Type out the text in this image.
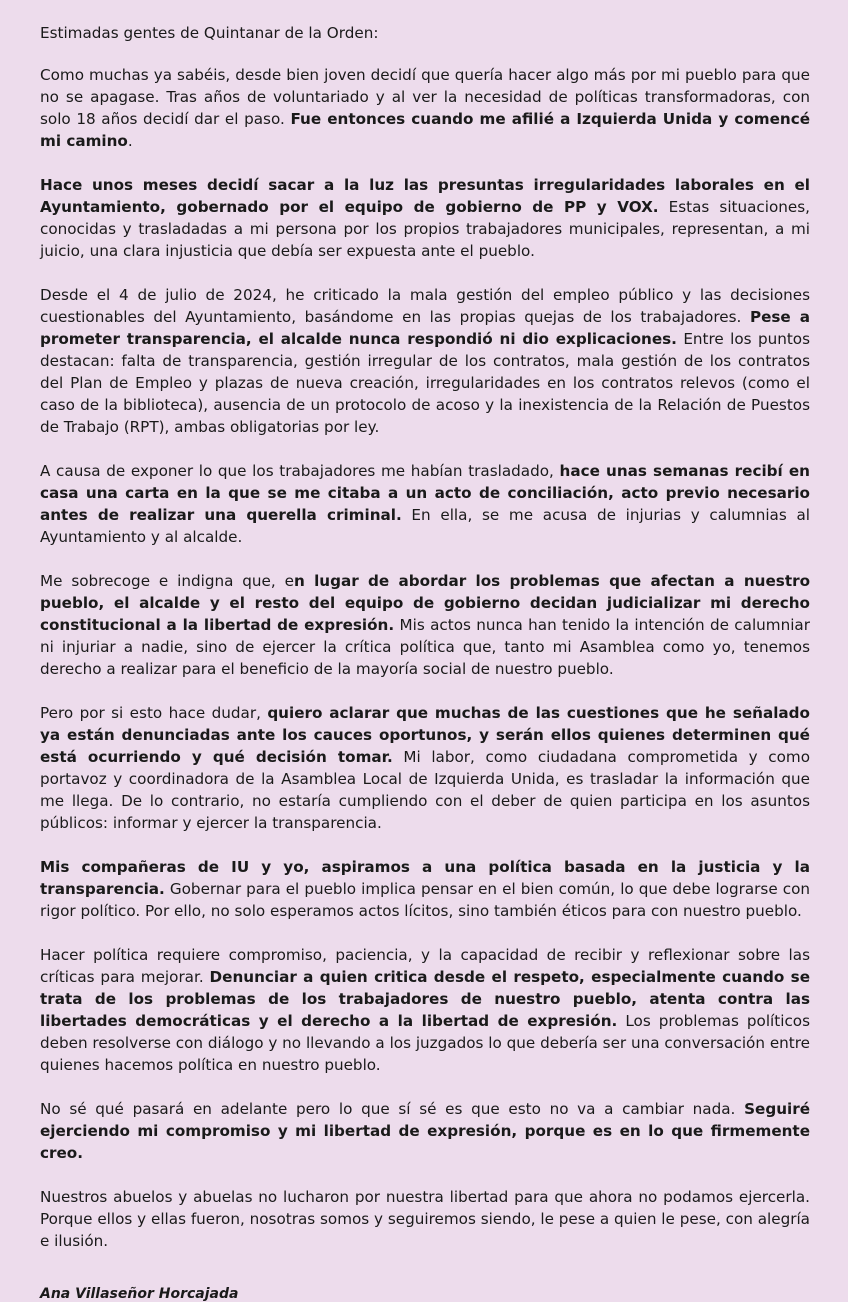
Estimadas gentes de Quintanar de la Orden:

Como muchas ya sabéis, desde bien joven decidí que quería hacer algo más por mi pueblo para que no se apagase. Tras años de voluntariado y al ver la necesidad de políticas transformadoras, con solo 18 años decidí dar el paso. Fue entonces cuando me afilié a Izquierda Unida y comencé mi camino.

Hace unos meses decidí sacar a la luz las presuntas irregularidades laborales en el Ayuntamiento, gobernado por el equipo de gobierno de PP y VOX. Estas situaciones, conocidas y trasladadas a mi persona por los propios trabajadores municipales, representan, a mi juicio, una clara injusticia que debía ser expuesta ante el pueblo.

Desde el 4 de julio de 2024, he criticado la mala gestión del empleo público y las decisiones cuestionables del Ayuntamiento, basándome en las propias quejas de los trabajadores. Pese a prometer transparencia, el alcalde nunca respondió ni dio explicaciones. Entre los puntos destacan: falta de transparencia, gestión irregular de los contratos, mala gestión de los contratos del Plan de Empleo y plazas de nueva creación, irregularidades en los contratos relevos (como el caso de la biblioteca), ausencia de un protocolo de acoso y la inexistencia de la Relación de Puestos de Trabajo (RPT), ambas obligatorias por ley.

A causa de exponer lo que los trabajadores me habían trasladado, hace unas semanas recibí en casa una carta en la que se me citaba a un acto de conciliación, acto previo necesario antes de realizar una querella criminal. En ella, se me acusa de injurias y calumnias al Ayuntamiento y al alcalde.

Me sobrecoge e indigna que, en lugar de abordar los problemas que afectan a nuestro pueblo, el alcalde y el resto del equipo de gobierno decidan judicializar mi derecho constitucional a la libertad de expresión. Mis actos nunca han tenido la intención de calumniar ni injuriar a nadie, sino de ejercer la crítica política que, tanto mi Asamblea como yo, tenemos derecho a realizar para el beneficio de la mayoría social de nuestro pueblo.

Pero por si esto hace dudar, quiero aclarar que muchas de las cuestiones que he señalado ya están denunciadas ante los cauces oportunos, y serán ellos quienes determinen qué está ocurriendo y qué decisión tomar. Mi labor, como ciudadana comprometida y como portavoz y coordinadora de la Asamblea Local de Izquierda Unida, es trasladar la información que me llega. De lo contrario, no estaría cumpliendo con el deber de quien participa en los asuntos públicos: informar y ejercer la transparencia.

Mis compañeras de IU y yo, aspiramos a una política basada en la justicia y la transparencia. Gobernar para el pueblo implica pensar en el bien común, lo que debe lograrse con rigor político. Por ello, no solo esperamos actos lícitos, sino también éticos para con nuestro pueblo.

Hacer política requiere compromiso, paciencia, y la capacidad de recibir y reflexionar sobre las críticas para mejorar. Denunciar a quien critica desde el respeto, especialmente cuando se trata de los problemas de los trabajadores de nuestro pueblo, atenta contra las libertades democráticas y el derecho a la libertad de expresión. Los problemas políticos deben resolverse con diálogo y no llevando a los juzgados lo que debería ser una conversación entre quienes hacemos política en nuestro pueblo.

No sé qué pasará en adelante pero lo que sí sé es que esto no va a cambiar nada. Seguiré ejerciendo mi compromiso y mi libertad de expresión, porque es en lo que firmemente creo.

Nuestros abuelos y abuelas no lucharon por nuestra libertad para que ahora no podamos ejercerla. Porque ellos y ellas fueron, nosotras somos y seguiremos siendo, le pese a quien le pese, con alegría e ilusión.

Ana Villaseñor Horcajada
